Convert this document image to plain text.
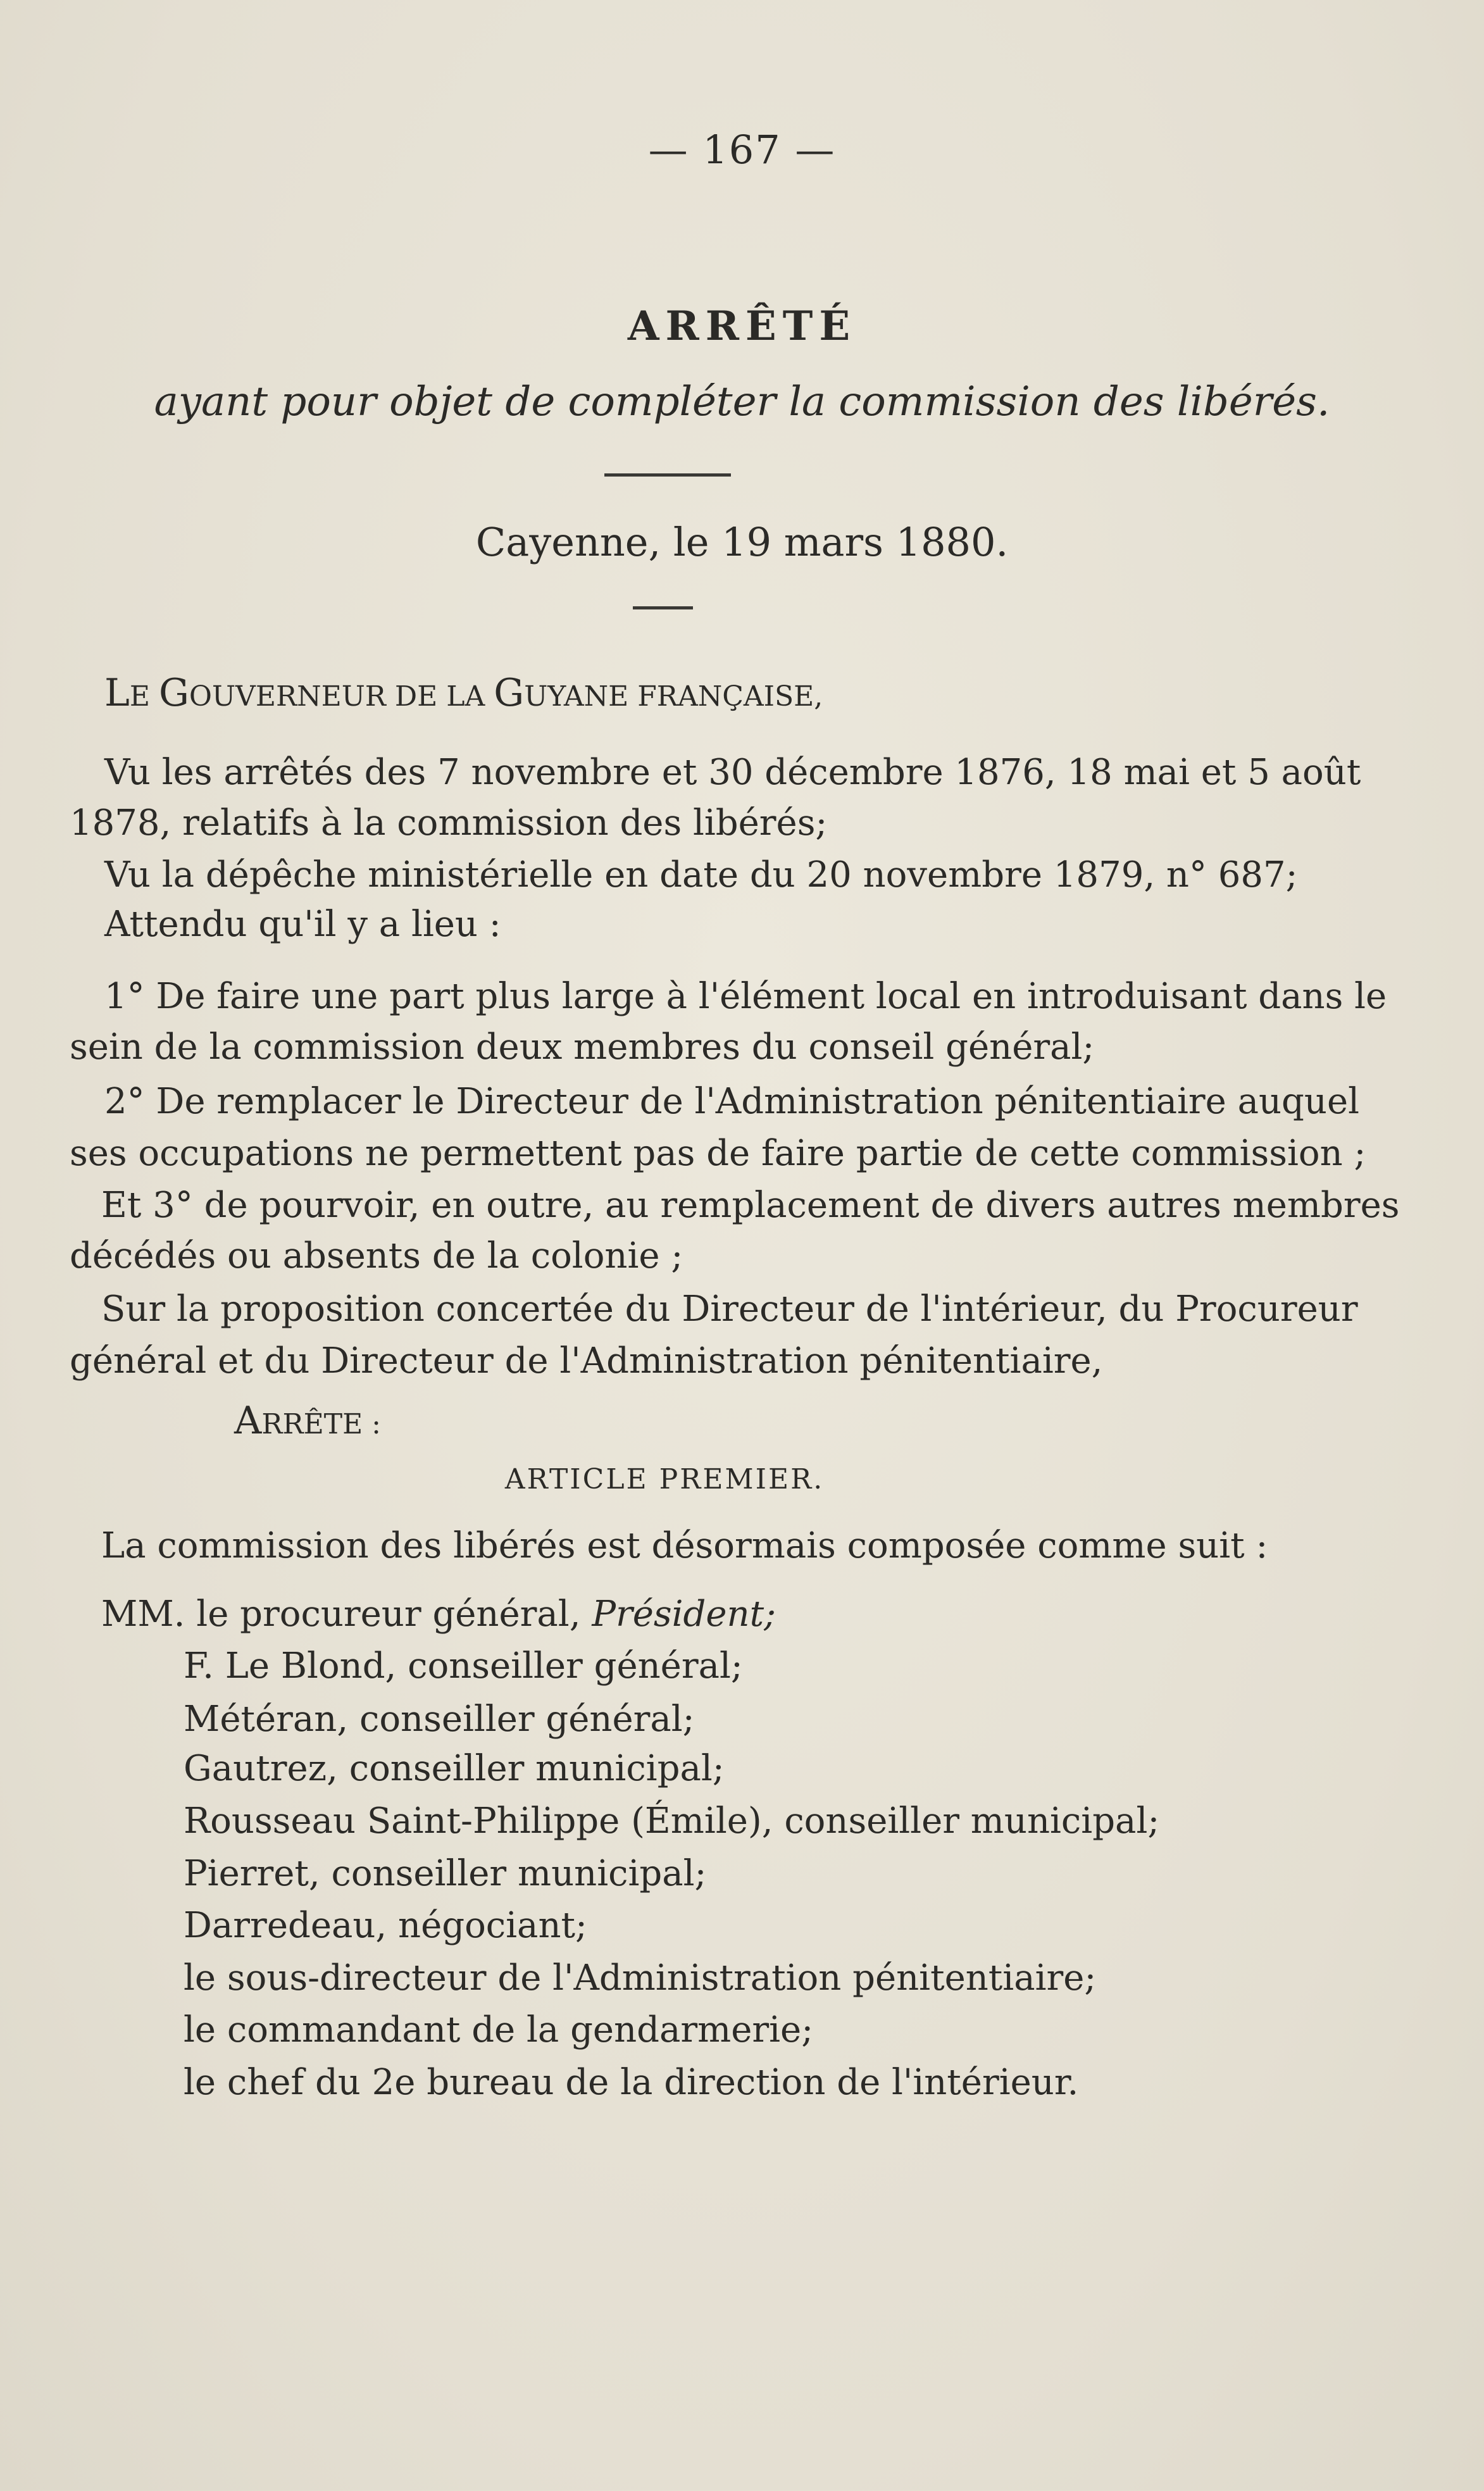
— 167 —
ARRÊTÉ
ayant pour objet de compléter la commission des libérés.
Cayenne, le 19 mars 1880.
LE GOUVERNEUR DE LA GUYANE FRANÇAISE,
Vu les arrêtés des 7 novembre et 30 décembre 1876, 18 mai et 5 août
1878, relatifs à la commission des libérés;
Vu la dépêche ministérielle en date du 20 novembre 1879, n° 687;
Attendu qu'il y a lieu :
1° De faire une part plus large à l'élément local en introduisant dans le
sein de la commission deux membres du conseil général;
2° De remplacer le Directeur de l'Administration pénitentiaire auquel
ses occupations ne permettent pas de faire partie de cette commission ;
Et 3° de pourvoir, en outre, au remplacement de divers autres membres
décédés ou absents de la colonie ;
Sur la proposition concertée du Directeur de l'intérieur, du Procureur
général et du Directeur de l'Administration pénitentiaire,
ARRÊTE :
ARTICLE PREMIER.
La commission des libérés est désormais composée comme suit :
MM. le procureur général, Président;
F. Le Blond, conseiller général;
Météran, conseiller général;
Gautrez, conseiller municipal;
Rousseau Saint-Philippe (Émile), conseiller municipal;
Pierret, conseiller municipal;
Darredeau, négociant;
le sous-directeur de l'Administration pénitentiaire;
le commandant de la gendarmerie;
le chef du 2e bureau de la direction de l'intérieur.
